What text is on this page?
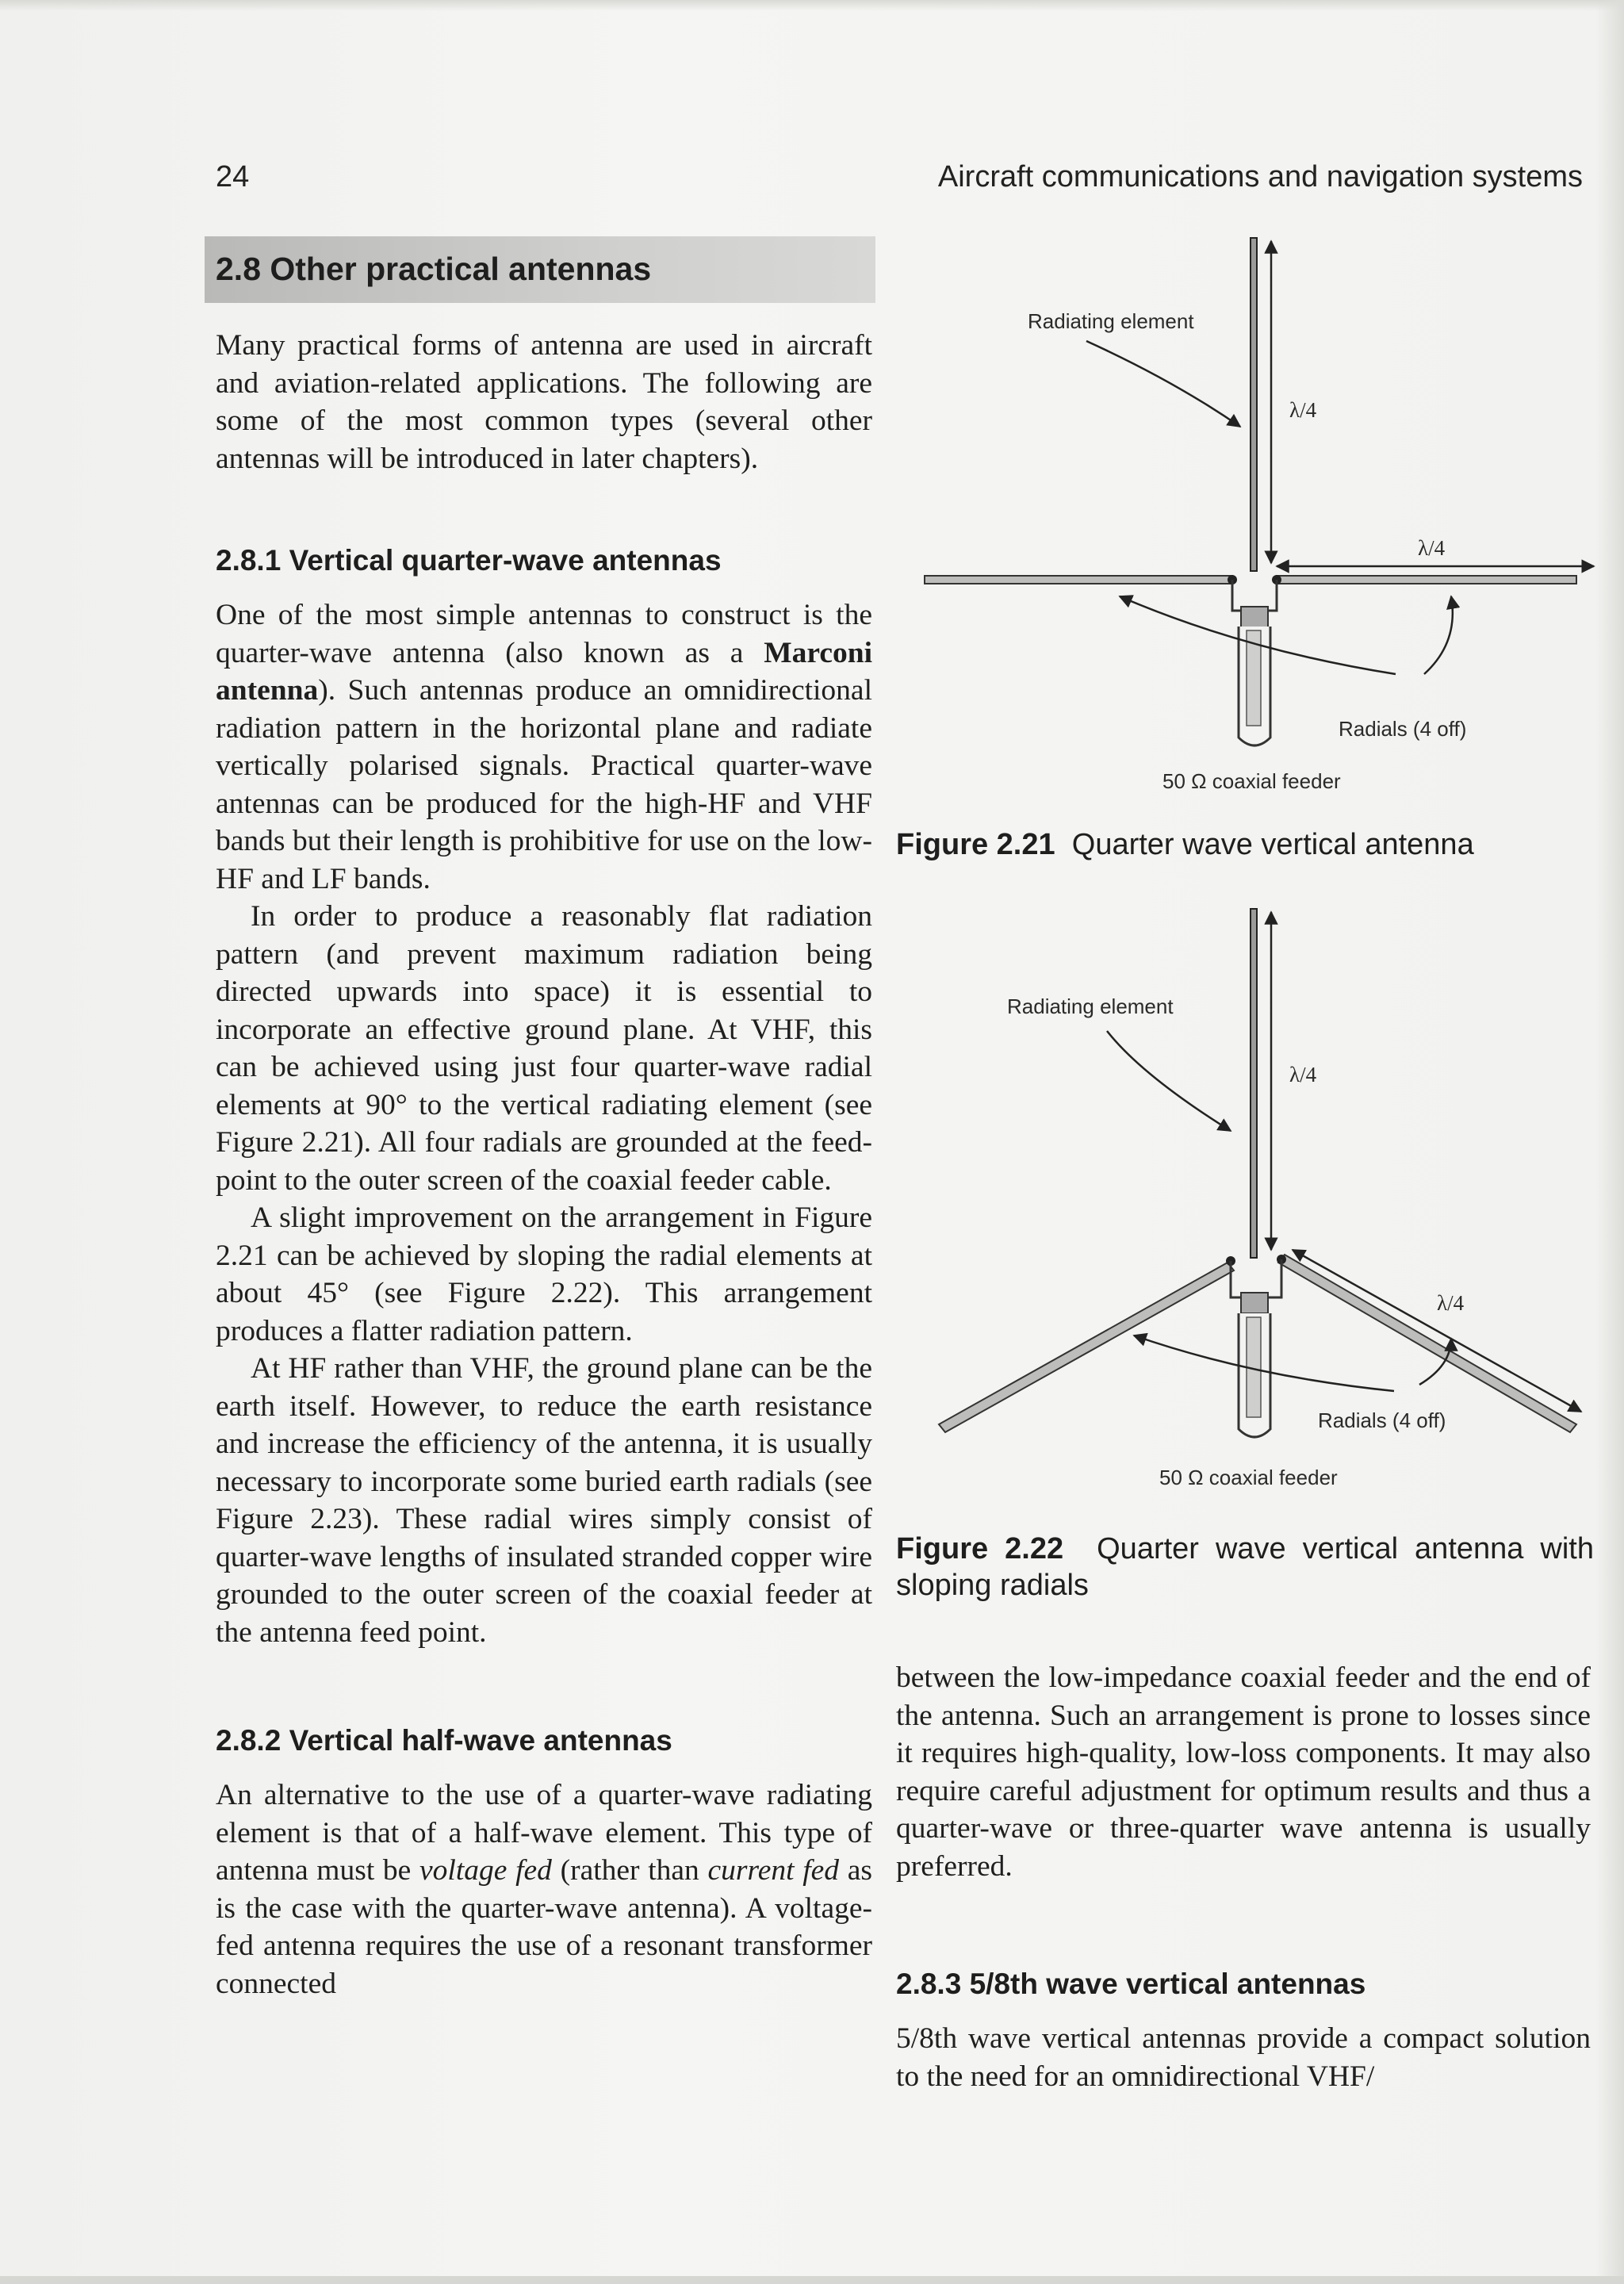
24	Aircraft communications and navigation systems
2.8 Other practical antennas

Many practical forms of antenna are used in aircraft and aviation-related applications. The following are some of the most common types (several other antennas will be introduced in later chapters).

2.8.1 Vertical quarter-wave antennas

One of the most simple antennas to construct is the quarter-wave antenna (also known as a Marconi antenna). Such antennas produce an omnidirectional radiation pattern in the horizontal plane and radiate vertically polarised signals. Practical quarter-wave antennas can be produced for the high-HF and VHF bands but their length is prohibitive for use on the low-HF and LF bands.

In order to produce a reasonably flat radiation pattern (and prevent maximum radiation being directed upwards into space) it is essential to incorporate an effective ground plane. At VHF, this can be achieved using just four quarter-wave radial elements at 90° to the vertical radiating element (see Figure 2.21). All four radials are grounded at the feed-point to the outer screen of the coaxial feeder cable.

A slight improvement on the arrangement in Figure 2.21 can be achieved by sloping the radial elements at about 45° (see Figure 2.22). This arrangement produces a flatter radiation pattern.

At HF rather than VHF, the ground plane can be the earth itself. However, to reduce the earth resistance and increase the efficiency of the antenna, it is usually necessary to incorporate some buried earth radials (see Figure 2.23). These radial wires simply consist of quarter-wave lengths of insulated stranded copper wire grounded to the outer screen of the coaxial feeder at the antenna feed point.

2.8.2 Vertical half-wave antennas

An alternative to the use of a quarter-wave radiating element is that of a half-wave element. This type of antenna must be voltage fed (rather than current fed as is the case with the quarter-wave antenna). A voltage-fed antenna requires the use of a resonant transformer connected

Radiating element
λ/4
λ/4
Radials (4 off)
50 Ω coaxial feeder
Figure 2.21 Quarter wave vertical antenna
Radiating element
λ/4
λ/4
Radials (4 off)
50 Ω coaxial feeder
Figure 2.22 Quarter wave vertical antenna with sloping radials

between the low-impedance coaxial feeder and the end of the antenna. Such an arrangement is prone to losses since it requires high-quality, low-loss components. It may also require careful adjustment for optimum results and thus a quarter-wave or three-quarter wave antenna is usually preferred.

2.8.3 5/8th wave vertical antennas

5/8th wave vertical antennas provide a compact solution to the need for an omnidirectional VHF/
